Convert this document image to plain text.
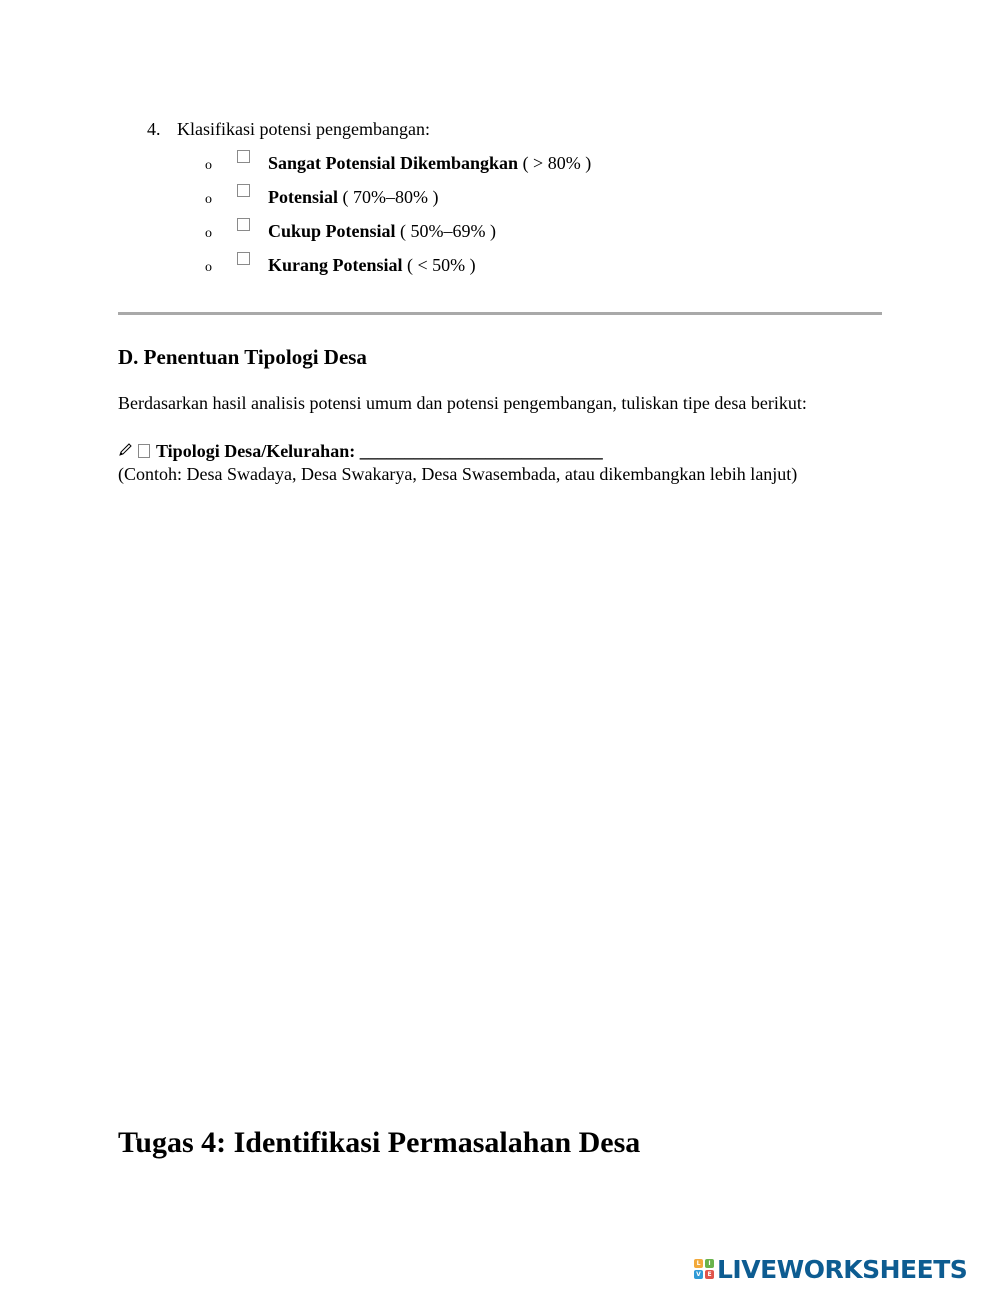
4. Klasifikasi potensi pengembangan:
o	Sangat Potensial Dikembangkan ( > 80% )
o	Potensial ( 70%–80% )
o	Cukup Potensial ( 50%–69% )
o	Kurang Potensial ( < 50% )
D. Penentuan Tipologi Desa
Berdasarkan hasil analisis potensi umum dan potensi pengembangan, tuliskan tipe desa berikut:
Tipologi Desa/Kelurahan: ___________________________
(Contoh: Desa Swadaya, Desa Swakarya, Desa Swasembada, atau dikembangkan lebih lanjut)
Tugas 4: Identifikasi Permasalahan Desa
L	I
V	E LIVEWORKSHEETS
